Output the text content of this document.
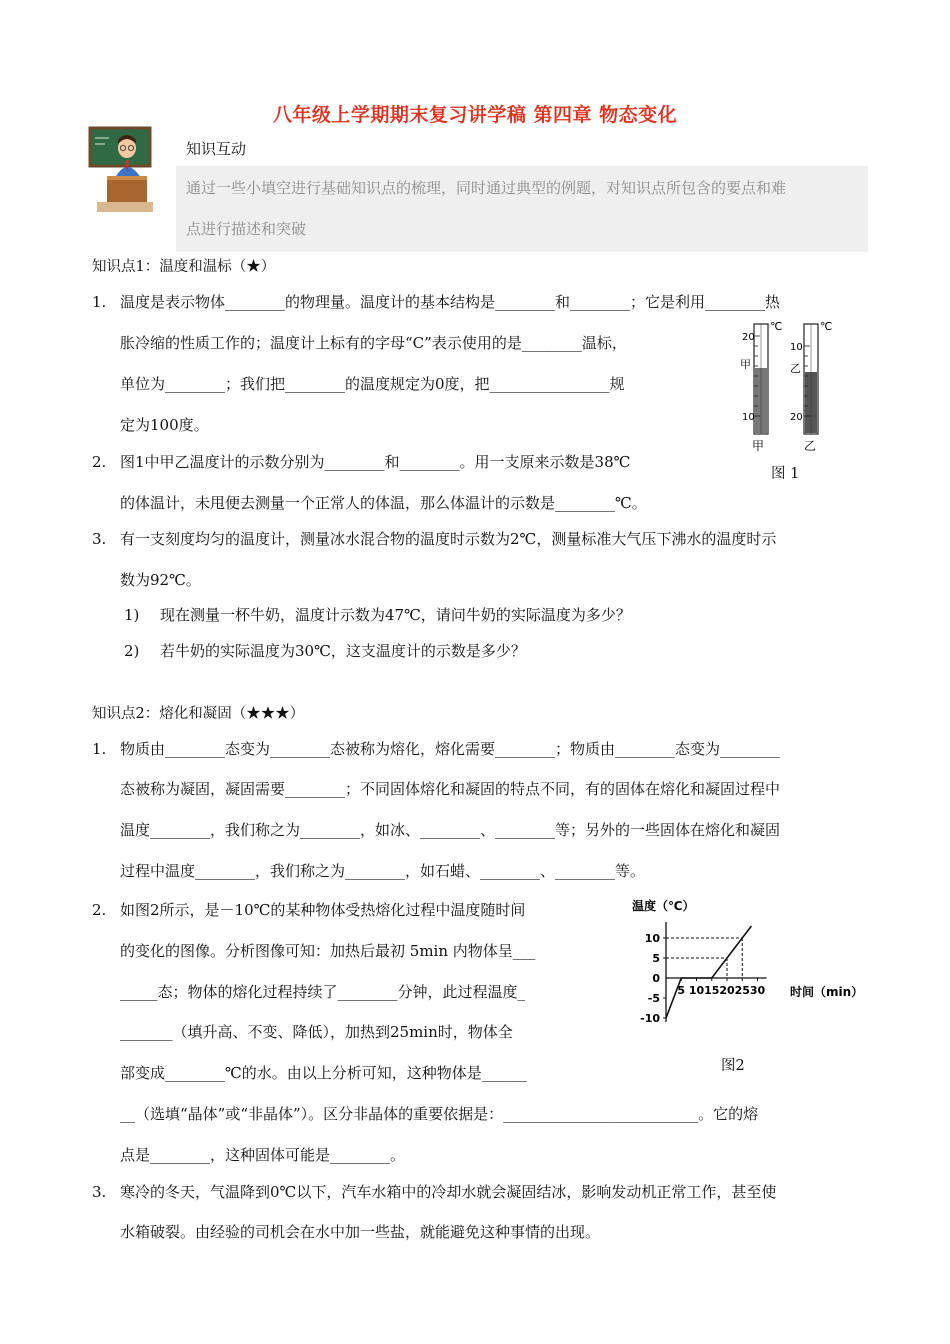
八年级上学期期末复习讲学稿 第四章 物态变化
知识互动
通过一些小填空进行基础知识点的梳理，同时通过典型的例题，对知识点所包含的要点和难
点进行描述和突破
知识点1：温度和温标（★）
1. 温度是表示物体________的物理量。温度计的基本结构是________和________；它是利用________热
胀冷缩的性质工作的；温度计上标有的字母“C”表示使用的是________温标，
单位为________；我们把________的温度规定为0度，把________________规
定为100度。
2. 图1中甲乙温度计的示数分别为________和________。用一支原来示数是38℃
的体温计，未甩便去测量一个正常人的体温，那么体温计的示数是________℃。
3. 有一支刻度均匀的温度计，测量冰水混合物的温度时示数为2℃，测量标准大气压下沸水的温度时示
数为92℃。
1) 现在测量一杯牛奶，温度计示数为47℃，请问牛奶的实际温度为多少？
2) 若牛奶的实际温度为30℃，这支温度计的示数是多少？
20
10
℃
甲
甲
10
20
℃
乙
乙
图 1
知识点2：熔化和凝固（★★★）
1. 物质由________态变为________态被称为熔化，熔化需要________；物质由________态变为________
态被称为凝固，凝固需要________；不同固体熔化和凝固的特点不同，有的固体在熔化和凝固过程中
温度________，我们称之为________，如冰、________、________等；另外的一些固体在熔化和凝固
过程中温度________，我们称之为________，如石蜡、________、________等。
2. 如图2所示，是－10℃的某种物体受热熔化过程中温度随时间
的变化的图像。分析图像可知：加热后最初 5min 内物体呈___
_____态；物体的熔化过程持续了________分钟，此过程温度_
_______（填升高、不变、降低），加热到25min时，物体全
部变成________℃的水。由以上分析可知，这种物体是______
__（选填“晶体”或“非晶体”）。区分非晶体的重要依据是：__________________________。它的熔
点是________，这种固体可能是________。
温度（℃）
时间（min）
-10
-5
0
5
10
5 10 15 20 25 30
图2
3. 寒冷的冬天，气温降到0℃以下，汽车水箱中的冷却水就会凝固结冰，影响发动机正常工作，甚至使
水箱破裂。由经验的司机会在水中加一些盐，就能避免这种事情的出现。
